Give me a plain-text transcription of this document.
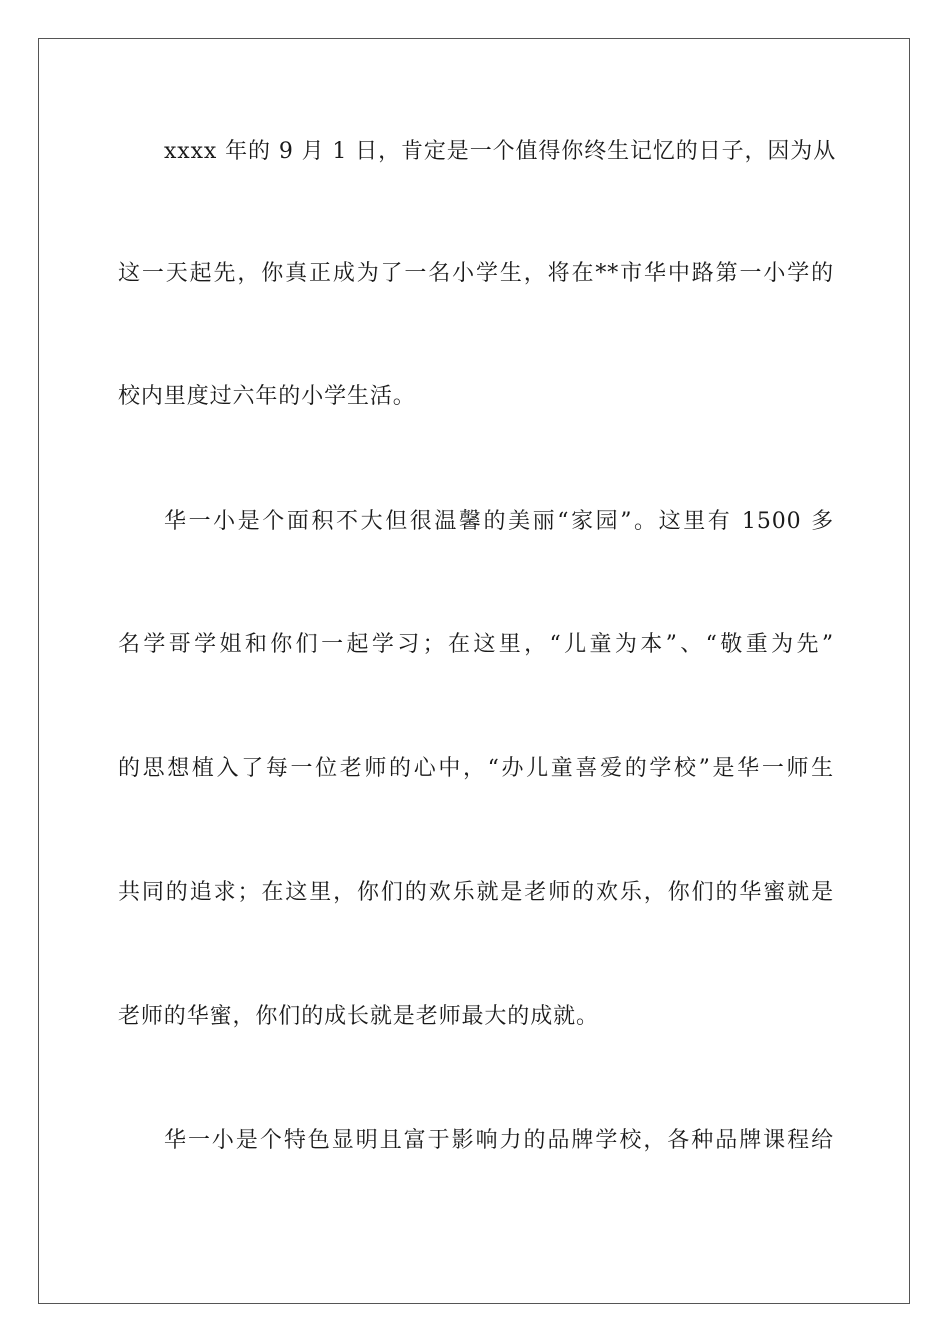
xxxx 年的 9 月 1 日，肯定是一个值得你终生记忆的日子，因为从
这一天起先，你真正成为了一名小学生，将在**市华中路第一小学的
校内里度过六年的小学生活。
华一小是个面积不大但很温馨的美丽“家园”。这里有 1500 多
名学哥学姐和你们一起学习；在这里，“儿童为本”、“敬重为先”
的思想植入了每一位老师的心中，“办儿童喜爱的学校”是华一师生
共同的追求；在这里，你们的欢乐就是老师的欢乐，你们的华蜜就是
老师的华蜜，你们的成长就是老师最大的成就。
华一小是个特色显明且富于影响力的品牌学校，各种品牌课程给
